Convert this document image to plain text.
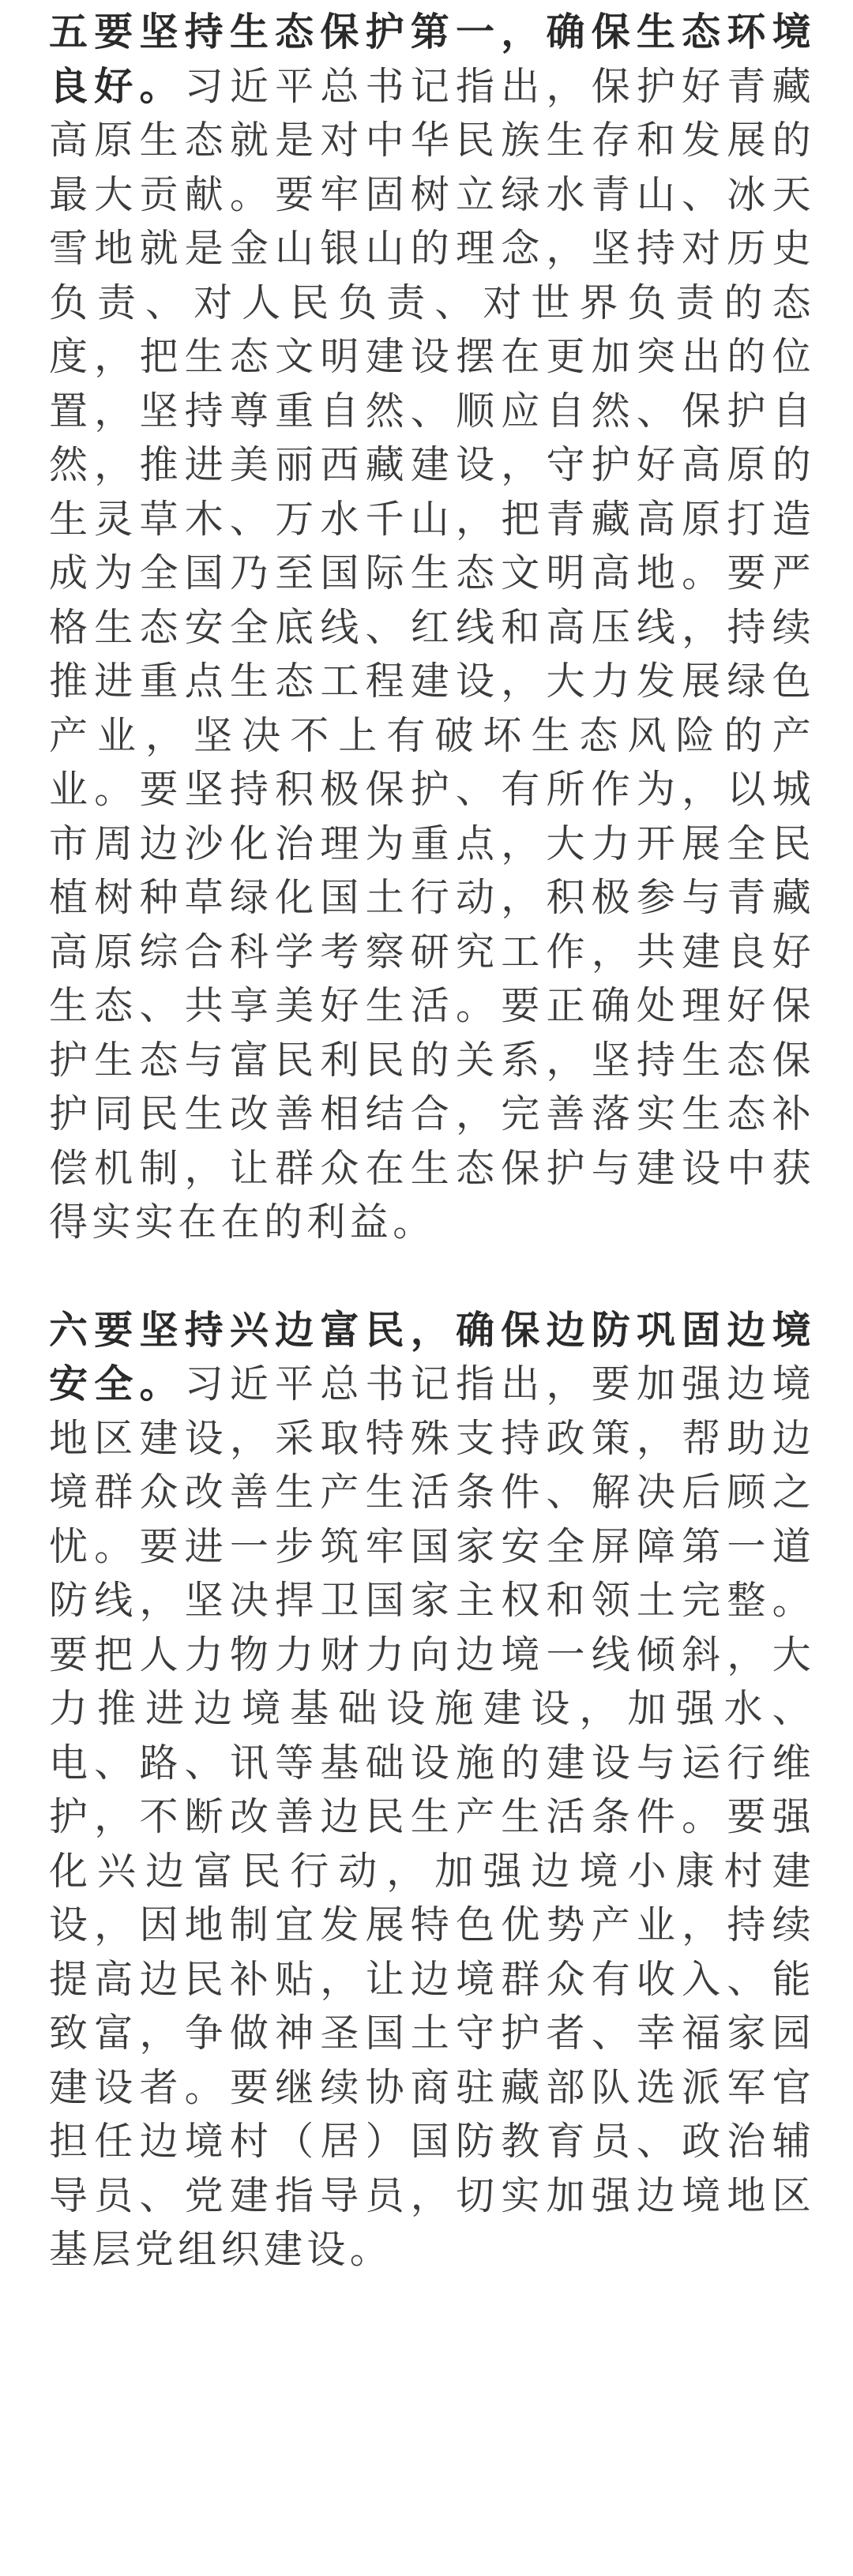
五要坚持生态保护第一，确保生态环境良好。习近平总书记指出，保护好青藏高原生态就是对中华民族生存和发展的最大贡献。要牢固树立绿水青山、冰天雪地就是金山银山的理念，坚持对历史负责、对人民负责、对世界负责的态度，把生态文明建设摆在更加突出的位置，坚持尊重自然、顺应自然、保护自然，推进美丽西藏建设，守护好高原的生灵草木、万水千山，把青藏高原打造成为全国乃至国际生态文明高地。要严格生态安全底线、红线和高压线，持续推进重点生态工程建设，大力发展绿色产业，坚决不上有破坏生态风险的产业。要坚持积极保护、有所作为，以城市周边沙化治理为重点，大力开展全民植树种草绿化国土行动，积极参与青藏高原综合科学考察研究工作，共建良好生态、共享美好生活。要正确处理好保护生态与富民利民的关系，坚持生态保护同民生改善相结合，完善落实生态补偿机制，让群众在生态保护与建设中获得实实在在的利益。

六要坚持兴边富民，确保边防巩固边境安全。习近平总书记指出，要加强边境地区建设，采取特殊支持政策，帮助边境群众改善生产生活条件、解决后顾之忧。要进一步筑牢国家安全屏障第一道防线，坚决捍卫国家主权和领土完整。要把人力物力财力向边境一线倾斜，大力推进边境基础设施建设，加强水、电、路、讯等基础设施的建设与运行维护，不断改善边民生产生活条件。要强化兴边富民行动，加强边境小康村建设，因地制宜发展特色优势产业，持续提高边民补贴，让边境群众有收入、能致富，争做神圣国土守护者、幸福家园建设者。要继续协商驻藏部队选派军官担任边境村（居）国防教育员、政治辅导员、党建指导员，切实加强边境地区基层党组织建设。
